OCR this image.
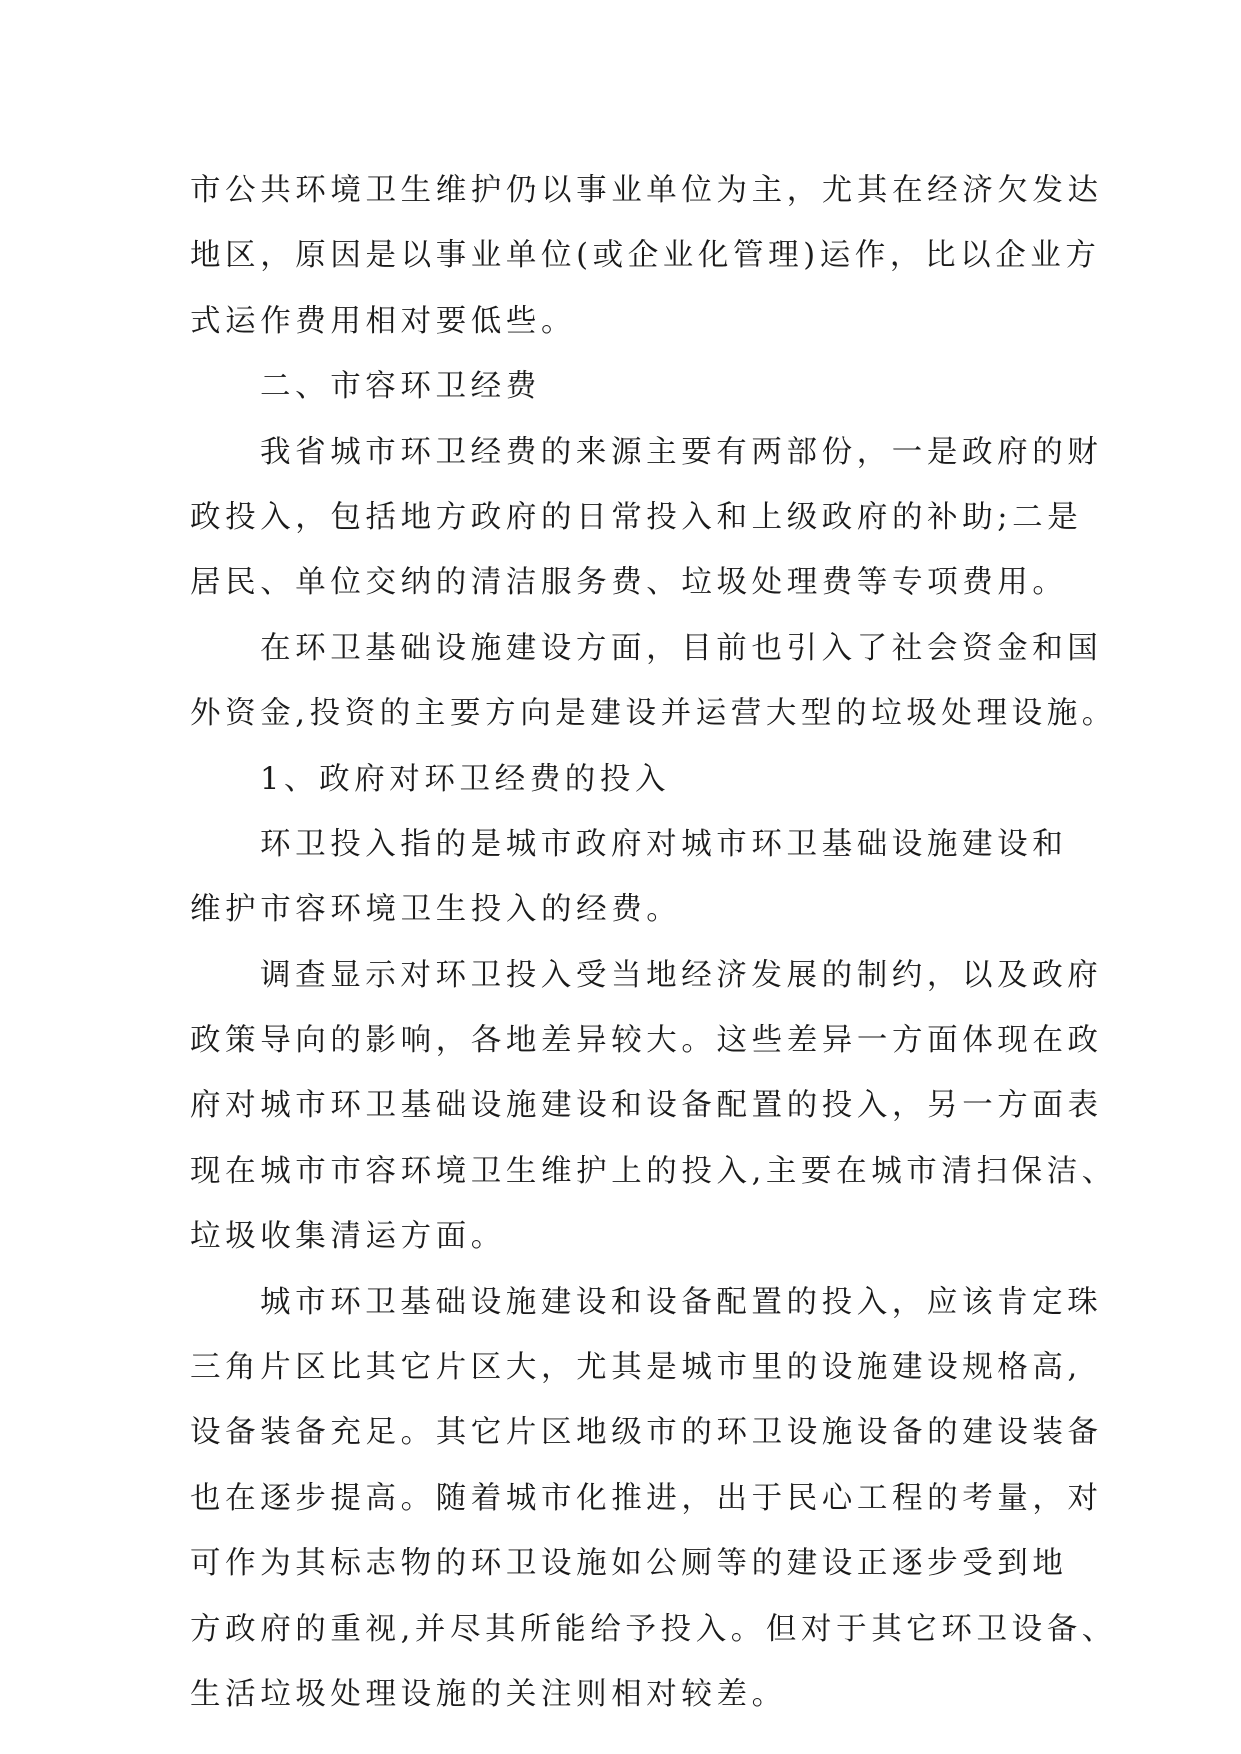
市公共环境卫生维护仍以事业单位为主，尤其在经济欠发达
地区，原因是以事业单位(或企业化管理)运作，比以企业方
式运作费用相对要低些。
二、市容环卫经费
我省城市环卫经费的来源主要有两部份，一是政府的财
政投入，包括地方政府的日常投入和上级政府的补助;二是
居民、单位交纳的清洁服务费、垃圾处理费等专项费用。
在环卫基础设施建设方面，目前也引入了社会资金和国
外资金,投资的主要方向是建设并运营大型的垃圾处理设施。
1、政府对环卫经费的投入
环卫投入指的是城市政府对城市环卫基础设施建设和
维护市容环境卫生投入的经费。
调查显示对环卫投入受当地经济发展的制约，以及政府
政策导向的影响，各地差异较大。这些差异一方面体现在政
府对城市环卫基础设施建设和设备配置的投入，另一方面表
现在城市市容环境卫生维护上的投入,主要在城市清扫保洁、
垃圾收集清运方面。
城市环卫基础设施建设和设备配置的投入，应该肯定珠
三角片区比其它片区大，尤其是城市里的设施建设规格高,
设备装备充足。其它片区地级市的环卫设施设备的建设装备
也在逐步提高。随着城市化推进，出于民心工程的考量，对
可作为其标志物的环卫设施如公厕等的建设正逐步受到地
方政府的重视,并尽其所能给予投入。但对于其它环卫设备、
生活垃圾处理设施的关注则相对较差。
